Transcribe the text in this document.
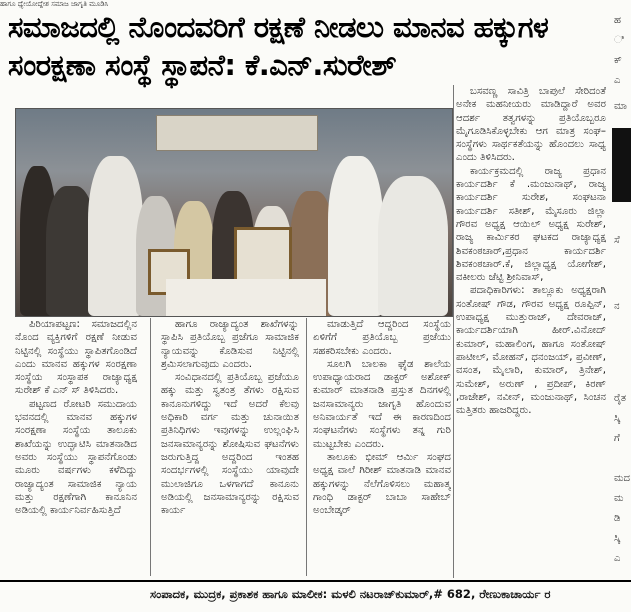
ಹಾಗೂ ಧ್ಯೇಯೋದ್ದೇಶ ಸಮಾಜ ಜಾಗೃತಿ ಮೂಡಿಸಿ
ಸಮಾಜದಲ್ಲಿ ನೊಂದವರಿಗೆ ರಕ್ಷಣೆ ನೀಡಲು ಮಾನವ ಹಕ್ಕುಗಳ ಸಂರಕ್ಷಣಾ ಸಂಸ್ಥೆ ಸ್ಥಾಪನೆ: ಕೆ.ಎನ್.ಸುರೇಶ್

ಪಿರಿಯಾಪಟ್ಟಣ: ಸಮಾಜದಲ್ಲಿನ ನೊಂದ ವ್ಯಕ್ತಿಗಳಿಗೆ ರಕ್ಷಣೆ ನೀಡುವ ನಿಟ್ಟಿನಲ್ಲಿ ಸಂಸ್ಥೆಯು ಸ್ಥಾಪಿತಗೊಂಡಿದೆ ಎಂದು ಮಾನವ ಹಕ್ಕುಗಳ ಸಂರಕ್ಷಣಾ ಸಂಸ್ಥೆಯ ಸಂಸ್ಥಾಪಕ ರಾಜ್ಯಾಧ್ಯಕ್ಷ ಸುರೇಶ್ ಕೆ ಎನ್ ಸ್ ತಿಳಿಸಿದರು.

ಪಟ್ಟಣದ ರೋಟರಿ ಸಮುದಾಯ ಭವನದಲ್ಲಿ ಮಾನವ ಹಕ್ಕುಗಳ ಸಂರಕ್ಷಣಾ ಸಂಸ್ಥೆಯ ತಾಲೂಕು ಶಾಖೆಯನ್ನು ಉದ್ಘಾಟಿಸಿ ಮಾತನಾಡಿದ ಅವರು ಸಂಸ್ಥೆಯು ಸ್ಥಾಪನೆಗೊಂಡು ಮೂರು ವರ್ಷಗಳು ಕಳೆದಿದ್ದು ರಾಜ್ಯಾದ್ಯಂತ ಸಾಮಾಜಿಕ ನ್ಯಾಯ ಮತ್ತು ರಕ್ಷಣೆಗಾಗಿ ಕಾನೂನಿನ ಅಡಿಯಲ್ಲಿ ಕಾರ್ಯನಿರ್ವಹಿಸುತ್ತಿದೆ

ಹಾಗೂ ರಾಜ್ಯಾದ್ಯಂತ ಶಾಖೆಗಳನ್ನು ಸ್ಥಾಪಿಸಿ ಪ್ರತಿಯೊಬ್ಬ ಪ್ರಜೆಗೂ ಸಾಮಾಜಿಕ ನ್ಯಾಯವನ್ನು ಕೊಡಿಸುವ ನಿಟ್ಟಿನಲ್ಲಿ ಶ್ರಮಿಸಲಾಗುವುದು ಎಂದರು.

ಸಂವಿಧಾನದಲ್ಲಿ ಪ್ರತಿಯೊಬ್ಬ ಪ್ರಜೆಯೂ ಹಕ್ಕು ಮತ್ತು ಸ್ವತಂತ್ರ ತೆಗಳು ರಕ್ಷಿಸುವ ಕಾನೂನುಗಳಿದ್ದು ಇದೆ ಅದರೆ ಕೆಲವು ಅಧಿಕಾರಿ ವರ್ಗ ಮತ್ತು ಚುನಾಯಿತ ಪ್ರತಿನಿಧಿಗಳು ಇವುಗಳನ್ನು ಉಲ್ಲಂಘಿಸಿ ಜನಸಾಮಾನ್ಯರನ್ನು ಶೋಷಿಸುವ ಘಟನೆಗಳು ಜರುಗುತ್ತಿದ್ದ ಅದ್ದರಿಂದ ಇಂತಹ ಸಂದರ್ಭಗಳಲ್ಲಿ ಸಂಸ್ಥೆಯು ಯಾವುದೇ ಮುಲಾಜಿಗೂ ಒಳಗಾಗದೆ ಕಾನೂನು ಅಡಿಯಲ್ಲಿ ಜನಸಾಮಾನ್ಯರನ್ನು ರಕ್ಷಿಸುವ ಕಾರ್ಯ

ಮಾಡುತ್ತಿದೆ ಆದ್ದರಿಂದ ಸಂಸ್ಥೆಯ ಏಳಿಗೆಗೆ ಪ್ರತಿಯೊಬ್ಬ ಪ್ರಜೆಯು ಸಹಕರಿಸಬೇಕು ಎಂದರು.

ಸೂಲಗಿ ಬಾಲಕಾ ಘೈಡ ಶಾಲೆಯ ಉಪಾಧ್ಯಾಯರಾದ ಡಾಕ್ಟರ್ ಅಶೋಕ್ ಕುಮಾರ್ ಮಾತನಾಡಿ ಪ್ರಸ್ತುತ ದಿನಗಳಲ್ಲಿ ಜನಸಾಮಾನ್ಯರು ಜಾಗೃತಿ ಹೊಂದುವ ಅನಿವಾರ್ಯತೆ ಇದೆ ಈ ಕಾರಣದಿಂದ ಸಂಘಟನೆಗಳು ಸಂಸ್ಥೆಗಳು ತನ್ನ ಗುರಿ ಮುಟ್ಟಬೇಕು ಎಂದರು.

ತಾಲೂಕು ಭೀಮ್ ಆರ್ಮಿ ಸಂಘದ ಅಧ್ಯಕ್ಷ ವಾಲೆ ಗಿರೀಶ್ ಮಾತನಾಡಿ ಮಾನವ ಹಕ್ಕುಗಳನ್ನು ನೆಲೆಗೊಳಿಸಲು ಮಹಾತ್ಮ ಗಾಂಧಿ ಡಾಕ್ಟರ್ ಬಾಬಾ ಸಾಹೇಬ್ ಅಂಬೇಡ್ಕರ್

ಬಸವಣ್ಣ ಸಾವಿತ್ರಿ ಬಾಪುಲೆ ಸೇರಿದಂತೆ ಅನೇಕ ಮಹನೀಯರು ಮಾಡಿದ್ದಾರೆ ಅವರ ಆದರ್ಶ ತತ್ವಗಳನ್ನು ಪ್ರತಿಯೊಬ್ಬರೂ ಮೈಗೂಡಿಸಿಕೊಳ್ಳಬೇಕು ಆಗ ಮಾತ್ರ ಸಂಘ–ಸಂಸ್ಥೆಗಳು ಸಾರ್ಥಕತೆಯನ್ನು ಹೊಂದಲು ಸಾಧ್ಯ ಎಂದು ತಿಳಿಸಿದರು.

ಕಾರ್ಯಕ್ರಮದಲ್ಲಿ ರಾಜ್ಯ ಪ್ರಧಾನ ಕಾರ್ಯದರ್ಶಿ ಕೆ .ಮಂಜುನಾಥ್, ರಾಜ್ಯ ಕಾರ್ಯದರ್ಶಿ ಸುರೇಶ, ಸಂಘಟನಾ ಕಾರ್ಯದರ್ಶಿ ಸತೀಶ್, ಮೈಸೂರು ಜಿಲ್ಲಾ ಗೌರವ ಅಧ್ಯಕ್ಷ ಆಯಿಲ್ ಅಧ್ಯಕ್ಷ ಸುರೇಶ್, ರಾಜ್ಯ ಕಾರ್ಮಿಕರ ಘಟಕದ ರಾಜ್ಯಾಧ್ಯಕ್ಷ ಶಿವಕಂಠಚಾರ್,ಪ್ರಧಾನ ಕಾರ್ಯದರ್ಶಿ ಶಿವಕಂಠಚಾರ್.ಕೆ, ಜಿಲ್ಲಾಧ್ಯಕ್ಷ ಯೋಗೇಶ್, ವಕೀಲರು ಜೆಟ್ಟಿ ಶ್ರೀನಿವಾಸ್,

ಪದಾಧಿಕಾರಿಗಳು: ತಾಲ್ಲೂಕು ಅಧ್ಯಕ್ಷರಾಗಿ ಸಂತೋಷ್ ಗೌಡ, ಗೌರವ ಅಧ್ಯಕ್ಷ ರೂಪ್ಪಿನ್, ಉಪಾಧ್ಯಕ್ಷ ಮುತ್ತುರಾಜ್, ದೇವರಾಜ್, ಕಾರ್ಯದರ್ಶಿಯಾಗಿ ಹೀರ್.ವಿನೋದ್ ಕುಮಾರ್, ಮಹಾಲಿಂಗ, ಹಾಗೂ ಸಂತೋಷ್ ಪಾಟೀಲ್, ಮೋಹನ್, ಧನಂಜಯ್, ಪ್ರವೀಣ್, ವಸಂತ, ಮೈಲಾರಿ, ಕುಮಾರ್, ತ್ರಿನೇಶ್, ಸುಮೇಶ್, ಅರುಣ್ , ಪ್ರದೀಪ್, ಕಿರಣ್ ,ರಾಜೇಶ್, ನವೀನ್, ಮಂಜುನಾಥ್, ಸಿಂಚನ ಮತ್ತಿತರು ಹಾಜರಿದ್ದರು.

ಹ
ಿ
ಕ್
ಎ
ಮಾ
ಸೆ
ನ
ರೈತ
ಸ್ಕಿ
ಗೆ
ಮದ
ಮ
ಡಿ
ಸ್ಕಿ
ಎ
ಸಂಪಾದಕ, ಮುದ್ರಕ, ಪ್ರಕಾಶಕ ಹಾಗೂ ಮಾಲೀಕ: ಮಳಲಿ ನಟರಾಜ್‌ಕುಮಾರ್,# 682, ರೇಣುಕಾಚಾರ್ಯ ರ
